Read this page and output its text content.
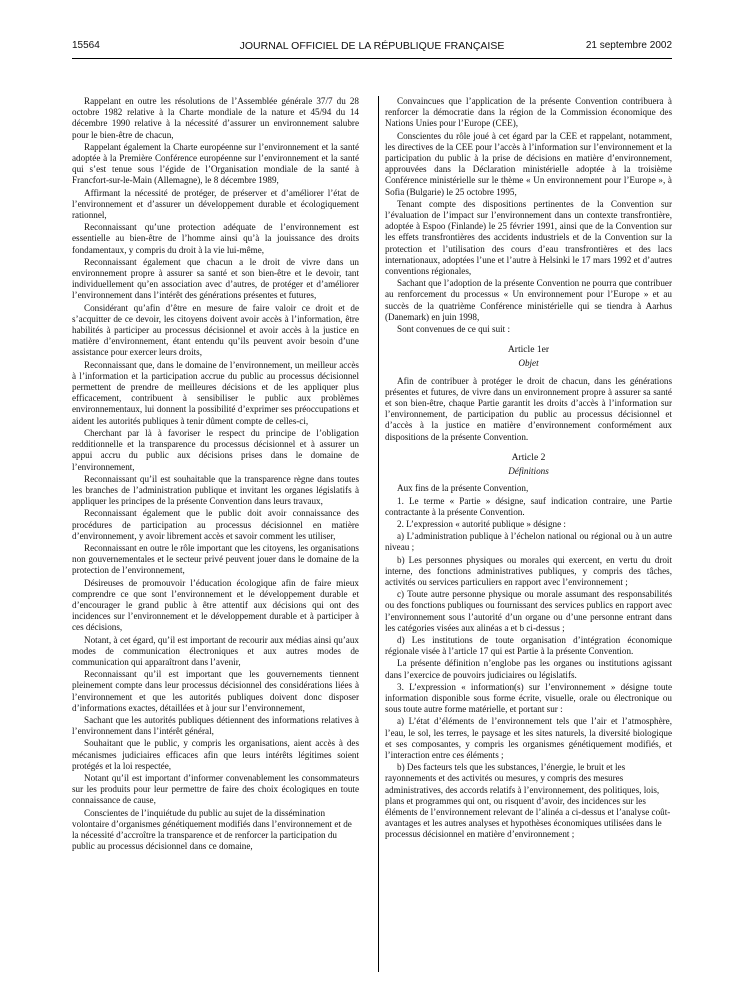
15564	JOURNAL OFFICIEL DE LA RÉPUBLIQUE FRANÇAISE	21 septembre 2002

Rappelant en outre les résolutions de l’Assemblée générale 37/7 du 28 octobre 1982 relative à la Charte mondiale de la nature et 45/94 du 14 décembre 1990 relative à la nécessité d’assurer un environnement salubre pour le bien-être de chacun,

Rappelant également la Charte européenne sur l’environnement et la santé adoptée à la Première Conférence européenne sur l’environnement et la santé qui s’est tenue sous l’égide de l’Organisation mondiale de la santé à Francfort-sur-le-Main (Allemagne), le 8 décembre 1989,

Affirmant la nécessité de protéger, de préserver et d’améliorer l’état de l’environnement et d’assurer un développement durable et écologiquement rationnel,

Reconnaissant qu’une protection adéquate de l’environnement est essentielle au bien-être de l’homme ainsi qu’à la jouissance des droits fondamentaux, y compris du droit à la vie lui-même,

Reconnaissant également que chacun a le droit de vivre dans un environnement propre à assurer sa santé et son bien-être et le devoir, tant individuellement qu’en association avec d’autres, de protéger et d’améliorer l’environnement dans l’intérêt des générations présentes et futures,

Considérant qu’afin d’être en mesure de faire valoir ce droit et de s’acquitter de ce devoir, les citoyens doivent avoir accès à l’information, être habilités à participer au processus décisionnel et avoir accès à la justice en matière d’environnement, étant entendu qu’ils peuvent avoir besoin d’une assistance pour exercer leurs droits,

Reconnaissant que, dans le domaine de l’environnement, un meilleur accès à l’information et la participation accrue du public au processus décisionnel permettent de prendre de meilleures décisions et de les appliquer plus efficacement, contribuent à sensibiliser le public aux problèmes environnementaux, lui donnent la possibilité d’exprimer ses préoccupations et aident les autorités publiques à tenir dûment compte de celles-ci,

Cherchant par là à favoriser le respect du principe de l’obligation redditionnelle et la transparence du processus décisionnel et à assurer un appui accru du public aux décisions prises dans le domaine de l’environnement,

Reconnaissant qu’il est souhaitable que la transparence règne dans toutes les branches de l’administration publique et invitant les organes législatifs à appliquer les principes de la présente Convention dans leurs travaux,

Reconnaissant également que le public doit avoir connaissance des procédures de participation au processus décisionnel en matière d’environnement, y avoir librement accès et savoir comment les utiliser,

Reconnaissant en outre le rôle important que les citoyens, les organisations non gouvernementales et le secteur privé peuvent jouer dans le domaine de la protection de l’environnement,

Désireuses de promouvoir l’éducation écologique afin de faire mieux comprendre ce que sont l’environnement et le développement durable et d’encourager le grand public à être attentif aux décisions qui ont des incidences sur l’environnement et le développement durable et à participer à ces décisions,

Notant, à cet égard, qu’il est important de recourir aux médias ainsi qu’aux modes de communication électroniques et aux autres modes de communication qui apparaîtront dans l’avenir,

Reconnaissant qu’il est important que les gouvernements tiennent pleinement compte dans leur processus décisionnel des considérations liées à l’environnement et que les autorités publiques doivent donc disposer d’informations exactes, détaillées et à jour sur l’environnement,

Sachant que les autorités publiques détiennent des informations relatives à l’environnement dans l’intérêt général,

Souhaitant que le public, y compris les organisations, aient accès à des mécanismes judiciaires efficaces afin que leurs intérêts légitimes soient protégés et la loi respectée,

Notant qu’il est important d’informer convenablement les consommateurs sur les produits pour leur permettre de faire des choix écologiques en toute connaissance de cause,

Conscientes de l’inquiétude du public au sujet de la dissémination volontaire d’organismes génétiquement modifiés dans l’environnement et de la nécessité d’accroître la transparence et de renforcer la participation du public au processus décisionnel dans ce domaine,

Convaincues que l’application de la présente Convention contribuera à renforcer la démocratie dans la région de la Commission économique des Nations Unies pour l’Europe (CEE),

Conscientes du rôle joué à cet égard par la CEE et rappelant, notamment, les directives de la CEE pour l’accès à l’information sur l’environnement et la participation du public à la prise de décisions en matière d’environnement, approuvées dans la Déclaration ministérielle adoptée à la troisième Conférence ministérielle sur le thème « Un environnement pour l’Europe », à Sofia (Bulgarie) le 25 octobre 1995,

Tenant compte des dispositions pertinentes de la Convention sur l’évaluation de l’impact sur l’environnement dans un contexte transfrontière, adoptée à Espoo (Finlande) le 25 février 1991, ainsi que de la Convention sur les effets transfrontières des accidents industriels et de la Convention sur la protection et l’utilisation des cours d’eau transfrontières et des lacs internationaux, adoptées l’une et l’autre à Helsinki le 17 mars 1992 et d’autres conventions régionales,

Sachant que l’adoption de la présente Convention ne pourra que contribuer au renforcement du processus « Un environnement pour l’Europe » et au succès de la quatrième Conférence ministérielle qui se tiendra à Aarhus (Danemark) en juin 1998,

Sont convenues de ce qui suit :

Article 1er

Objet

Afin de contribuer à protéger le droit de chacun, dans les générations présentes et futures, de vivre dans un environnement propre à assurer sa santé et son bien-être, chaque Partie garantit les droits d’accès à l’information sur l’environnement, de participation du public au processus décisionnel et d’accès à la justice en matière d’environnement conformément aux dispositions de la présente Convention.

Article 2

Définitions

Aux fins de la présente Convention,

1. Le terme « Partie » désigne, sauf indication contraire, une Partie contractante à la présente Convention.

2. L’expression « autorité publique » désigne :

a) L’administration publique à l’échelon national ou régional ou à un autre niveau ;

b) Les personnes physiques ou morales qui exercent, en vertu du droit interne, des fonctions administratives publiques, y compris des tâches, activités ou services particuliers en rapport avec l’environnement ;

c) Toute autre personne physique ou morale assumant des responsabilités ou des fonctions publiques ou fournissant des services publics en rapport avec l’environnement sous l’autorité d’un organe ou d’une personne entrant dans les catégories visées aux alinéas a et b ci-dessus ;

d) Les institutions de toute organisation d’intégration économique régionale visée à l’article 17 qui est Partie à la présente Convention.

La présente définition n’englobe pas les organes ou institutions agissant dans l’exercice de pouvoirs judiciaires ou législatifs.

3. L’expression « information(s) sur l’environnement » désigne toute information disponible sous forme écrite, visuelle, orale ou électronique ou sous toute autre forme matérielle, et portant sur :

a) L’état d’éléments de l’environnement tels que l’air et l’atmosphère, l’eau, le sol, les terres, le paysage et les sites naturels, la diversité biologique et ses composantes, y compris les organismes génétiquement modifiés, et l’interaction entre ces éléments ;

b) Des facteurs tels que les substances, l’énergie, le bruit et les rayonnements et des activités ou mesures, y compris des mesures administratives, des accords relatifs à l’environnement, des politiques, lois, plans et programmes qui ont, ou risquent d’avoir, des incidences sur les éléments de l’environnement relevant de l’alinéa a ci-dessus et l’analyse coût-avantages et les autres analyses et hypothèses économiques utilisées dans le processus décisionnel en matière d’environnement ;
